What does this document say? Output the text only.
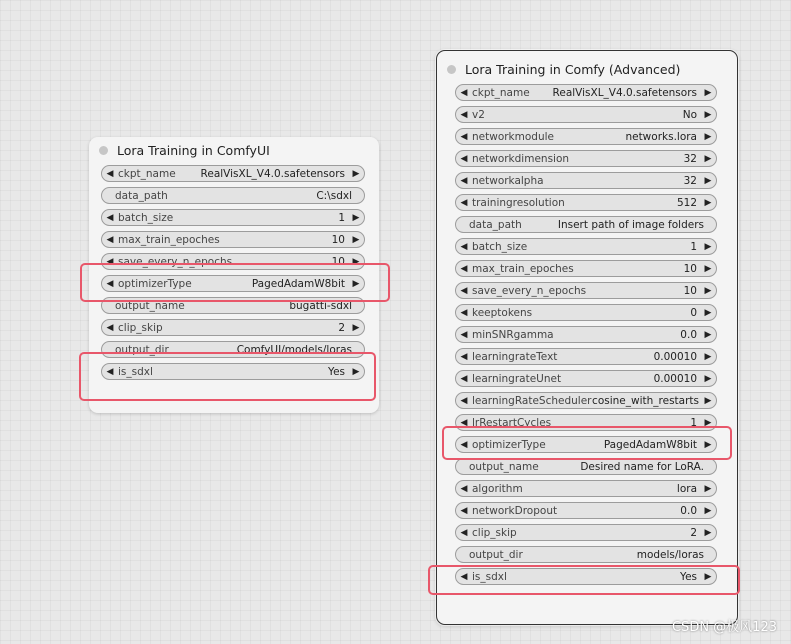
Lora Training in ComfyUI
◀ ckpt_name	RealVisXL_V4.0.safetensors ▶
data_path	C:\sdxl
◀ batch_size	1 ▶
◀ max_train_epoches	10 ▶
◀ save_every_n_epochs	10 ▶
◀ optimizerType	PagedAdamW8bit ▶
output_name	bugatti-sdxl
◀ clip_skip	2 ▶
output_dir	ComfyUI/models/loras
◀ is_sdxl	Yes ▶
Lora Training in Comfy (Advanced)
◀ ckpt_name	RealVisXL_V4.0.safetensors ▶
◀ v2	No ▶
◀ networkmodule	networks.lora ▶
◀ networkdimension	32 ▶
◀ networkalpha	32 ▶
◀ trainingresolution	512 ▶
data_path	Insert path of image folders
◀ batch_size	1 ▶
◀ max_train_epoches	10 ▶
◀ save_every_n_epochs	10 ▶
◀ keeptokens	0 ▶
◀ minSNRgamma	0.0 ▶
◀ learningrateText	0.00010 ▶
◀ learningrateUnet	0.00010 ▶
◀ learningRateScheduler cosine_with_restarts ▶
◀ lrRestartCycles	1 ▶
◀ optimizerType	PagedAdamW8bit ▶
output_name	Desired name for LoRA.
◀ algorithm	lora ▶
◀ networkDropout	0.0 ▶
◀ clip_skip	2 ▶
output_dir	models/loras
◀ is_sdxl	Yes ▶
CSDN @极风123
